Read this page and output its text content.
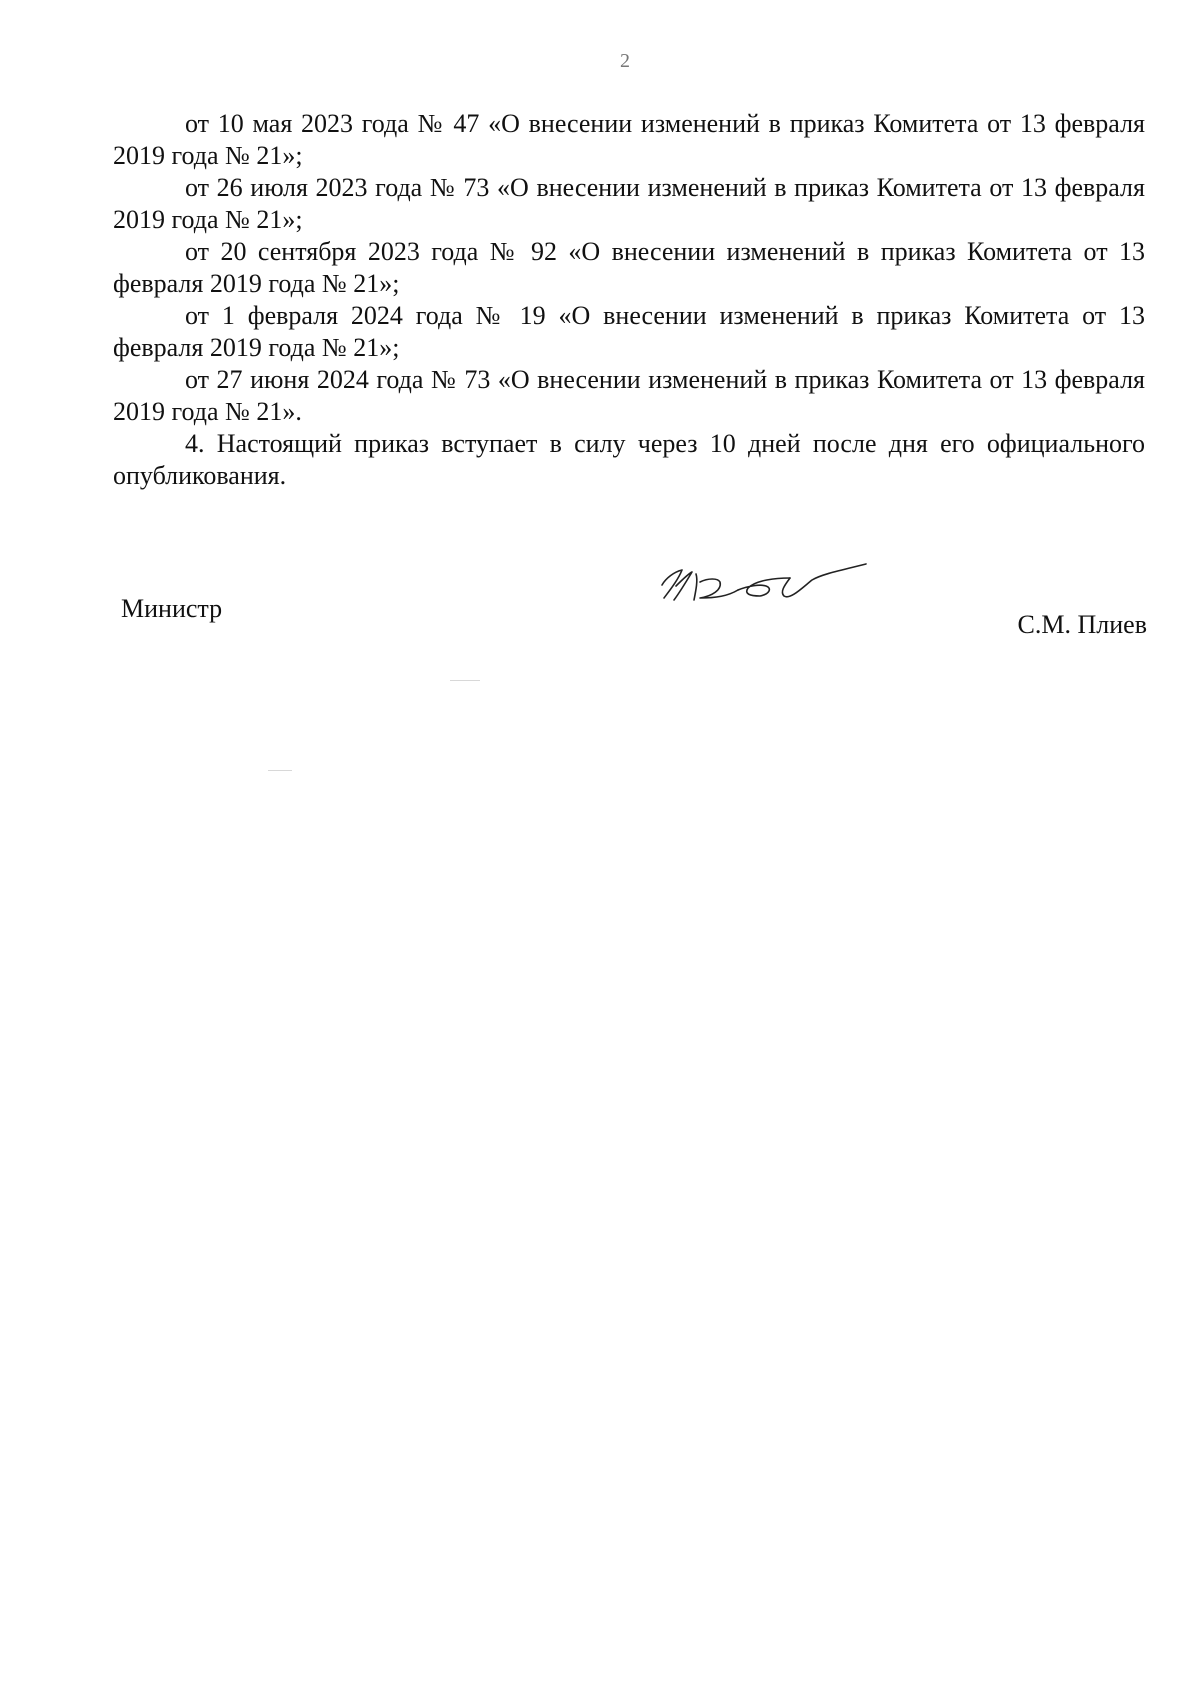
2

от 10 мая 2023 года № 47 «О внесении изменений в приказ Комитета от 13 февраля 2019 года № 21»;

от 26 июля 2023 года № 73 «О внесении изменений в приказ Комитета от 13 февраля 2019 года № 21»;

от 20 сентября 2023 года № 92 «О внесении изменений в приказ Комитета от 13 февраля 2019 года № 21»;

от 1 февраля 2024 года № 19 «О внесении изменений в приказ Комитета от 13 февраля 2019 года № 21»;

от 27 июня 2024 года № 73 «О внесении изменений в приказ Комитета от 13 февраля 2019 года № 21».

4. Настоящий приказ вступает в силу через 10 дней после дня его официального опубликования.

Министр
С.М. Плиев
